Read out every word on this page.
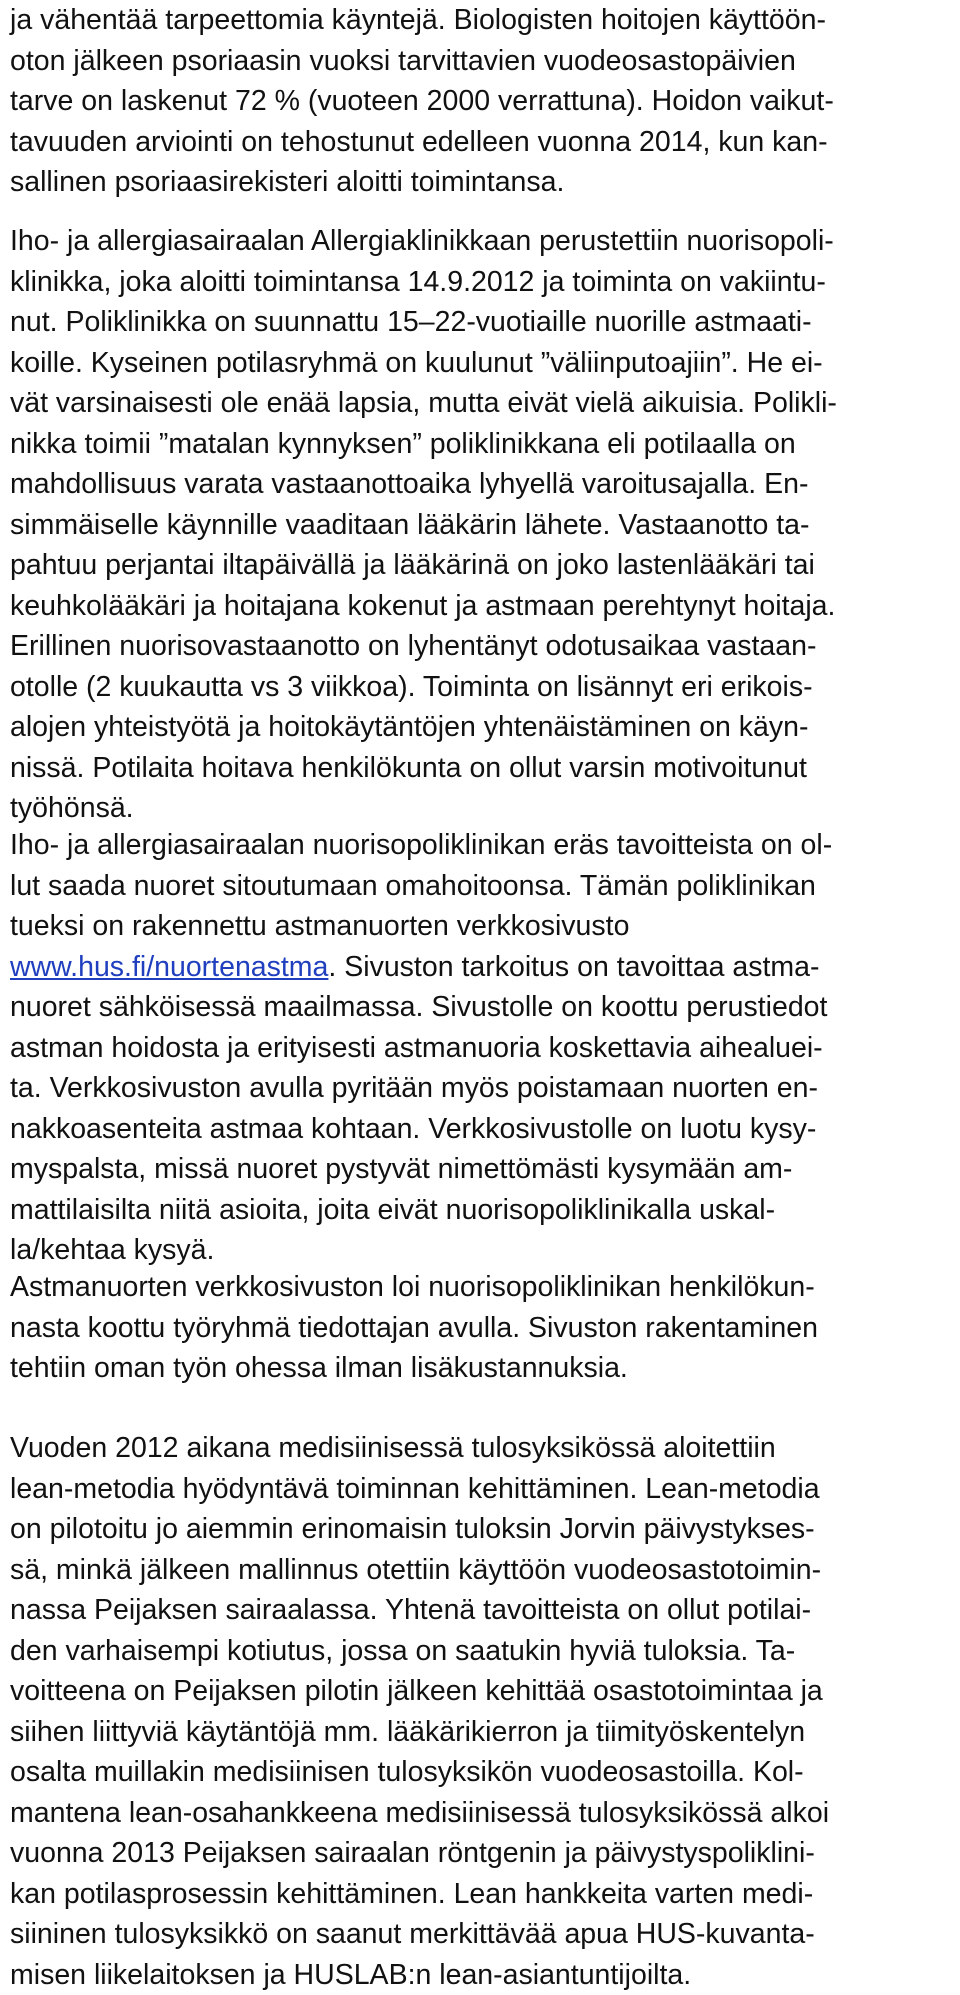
ja vähentää tarpeettomia käyntejä. Biologisten hoitojen käyttöön-
oton jälkeen psoriaasin vuoksi tarvittavien vuodeosastopäivien
tarve on laskenut 72 % (vuoteen 2000 verrattuna). Hoidon vaikut-
tavuuden arviointi on tehostunut edelleen vuonna 2014, kun kan-
sallinen psoriaasirekisteri aloitti toimintansa.
Iho- ja allergiasairaalan Allergiaklinikkaan perustettiin nuorisopoli-
klinikka, joka aloitti toimintansa 14.9.2012 ja toiminta on vakiintu-
nut. Poliklinikka on suunnattu 15–22-vuotiaille nuorille astmaati-
koille. Kyseinen potilasryhmä on kuulunut ”väliinputoajiin”. He ei-
vät varsinaisesti ole enää lapsia, mutta eivät vielä aikuisia. Polikli-
nikka toimii ”matalan kynnyksen” poliklinikkana eli potilaalla on
mahdollisuus varata vastaanottoaika lyhyellä varoitusajalla. En-
simmäiselle käynnille vaaditaan lääkärin lähete. Vastaanotto ta-
pahtuu perjantai iltapäivällä ja lääkärinä on joko lastenlääkäri tai
keuhkolääkäri ja hoitajana kokenut ja astmaan perehtynyt hoitaja.
Erillinen nuorisovastaanotto on lyhentänyt odotusaikaa vastaan-
otolle (2 kuukautta vs 3 viikkoa). Toiminta on lisännyt eri erikois-
alojen yhteistyötä ja hoitokäytäntöjen yhtenäistäminen on käyn-
nissä. Potilaita hoitava henkilökunta on ollut varsin motivoitunut
työhönsä.
Iho- ja allergiasairaalan nuorisopoliklinikan eräs tavoitteista on ol-
lut saada nuoret sitoutumaan omahoitoonsa. Tämän poliklinikan
tueksi on rakennettu astmanuorten verkkosivusto
www.hus.fi/nuortenastma. Sivuston tarkoitus on tavoittaa astma-
nuoret sähköisessä maailmassa. Sivustolle on koottu perustiedot
astman hoidosta ja erityisesti astmanuoria koskettavia aihealuei-
ta. Verkkosivuston avulla pyritään myös poistamaan nuorten en-
nakkoasenteita astmaa kohtaan. Verkkosivustolle on luotu kysy-
myspalsta, missä nuoret pystyvät nimettömästi kysymään am-
mattilaisilta niitä asioita, joita eivät nuorisopoliklinikalla uskal-
la/kehtaa kysyä.
Astmanuorten verkkosivuston loi nuorisopoliklinikan henkilökun-
nasta koottu työryhmä tiedottajan avulla. Sivuston rakentaminen
tehtiin oman työn ohessa ilman lisäkustannuksia.
Vuoden 2012 aikana medisiinisessä tulosyksikössä aloitettiin
lean-metodia hyödyntävä toiminnan kehittäminen. Lean-metodia
on pilotoitu jo aiemmin erinomaisin tuloksin Jorvin päivystykses-
sä, minkä jälkeen mallinnus otettiin käyttöön vuodeosastotoimin-
nassa Peijaksen sairaalassa. Yhtenä tavoitteista on ollut potilai-
den varhaisempi kotiutus, jossa on saatukin hyviä tuloksia. Ta-
voitteena on Peijaksen pilotin jälkeen kehittää osastotoimintaa ja
siihen liittyviä käytäntöjä mm. lääkärikierron ja tiimityöskentelyn
osalta muillakin medisiinisen tulosyksikön vuodeosastoilla. Kol-
mantena lean-osahankkeena medisiinisessä tulosyksikössä alkoi
vuonna 2013 Peijaksen sairaalan röntgenin ja päivystyspoliklini-
kan potilasprosessin kehittäminen. Lean hankkeita varten medi-
siininen tulosyksikkö on saanut merkittävää apua HUS-kuvanta-
misen liikelaitoksen ja HUSLAB:n lean-asiantuntijoilta.
